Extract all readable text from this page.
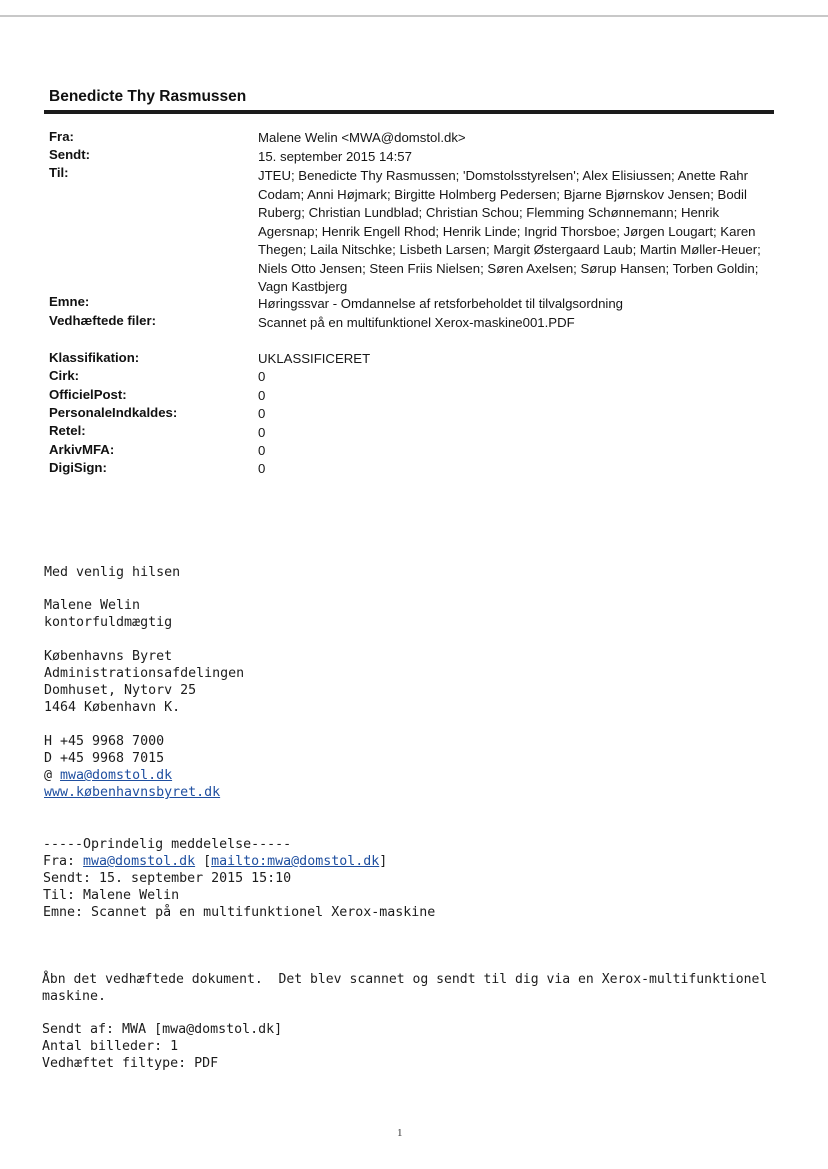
Benedicte Thy Rasmussen
Fra:	Malene Welin <MWA@domstol.dk>
Sendt:	15. september 2015 14:57
Til:	JTEU; Benedicte Thy Rasmussen; 'Domstolsstyrelsen'; Alex Elisiussen; Anette Rahr Codam; Anni Højmark; Birgitte Holmberg Pedersen; Bjarne Bjørnskov Jensen; Bodil Ruberg; Christian Lundblad; Christian Schou; Flemming Schønnemann; Henrik Agersnap; Henrik Engell Rhod; Henrik Linde; Ingrid Thorsboe; Jørgen Lougart; Karen Thegen; Laila Nitschke; Lisbeth Larsen; Margit Østergaard Laub; Martin Møller-Heuer; Niels Otto Jensen; Steen Friis Nielsen; Søren Axelsen; Sørup Hansen; Torben Goldin; Vagn Kastbjerg
Emne:	Høringssvar - Omdannelse af retsforbeholdet til tilvalgsordning
Vedhæftede filer:	Scannet på en multifunktionel Xerox-maskine001.PDF
Klassifikation:	UKLASSIFICERET
Cirk:	0
OfficielPost:	0
PersonaleIndkaldes:	0
Retel:	0
ArkivMFA:	0
DigiSign:	0
Med venlig hilsen
Malene Welin
kontorfuldmægtig
Københavns Byret
Administrationsafdelingen
Domhuset, Nytorv 25
1464 København K.
H +45 9968 7000
D +45 9968 7015
@ mwa@domstol.dk
www.københavnsbyret.dk
-----Oprindelig meddelelse-----
Fra: mwa@domstol.dk [mailto:mwa@domstol.dk]
Sendt: 15. september 2015 15:10
Til: Malene Welin
Emne: Scannet på en multifunktionel Xerox-maskine
Åbn det vedhæftede dokument.  Det blev scannet og sendt til dig via en Xerox-multifunktionel
maskine.
Sendt af: MWA [mwa@domstol.dk]
Antal billeder: 1
Vedhæftet filtype: PDF
1
